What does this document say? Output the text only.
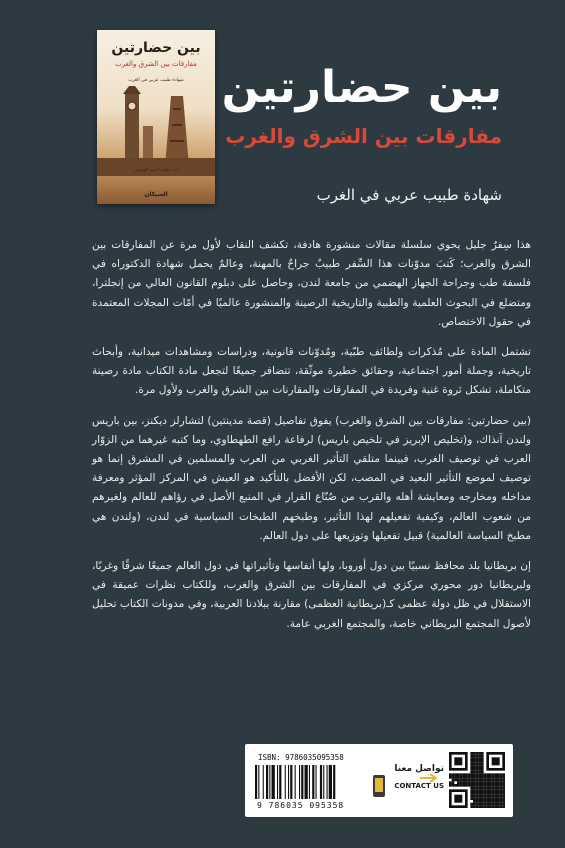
بين حضارتين
مفارقات بين الشرق والغرب
شهادة طبيب عربي في الغرب
أ.د. محمد أحمد الهضمي
العبيكان
بين حضارتين
مفارقات بين الشرق والغرب
شهادة طبيب عربي في الغرب

هذا سِفرٌ جليل يحوي سلسلة مقالات منشورة هادفة، تكشف النقاب لأول مرة عن المفارقات بين الشرق والغرب؛ كَتبَ مدوّنات هذا السِّفر طبيبٌ جراحٌ بالمهنة، وعالمٌ يحمل شهادة الدكتوراه في فلسفة طب وجراحة الجهاز الهضمي من جامعة لندن، وحاصل على دبلوم القانون العالي من إنجلترا، ومتضلع في البحوث العلمية والطبية والتاريخية الرصينة والمنشورة عالميًا في أمّات المجلات المعتمدة في حقول الاختصاص.

تشتمل المادة على مُذكرات ولطائف طبّية، ومُدوّنات قانونية، ودراسات ومشاهدات ميدانية، وأبحاث تاريخية، وجملة أمور اجتماعية، وحقائق خطيرة موثّقة، تتضافر جميعًا لتجعل مادة الكتاب مادة رصينة متكاملة، تشكل ثروة غنية وفريدة في المفارقات والمقارنات بين الشرق والغرب ولأول مرة.

(بين حضارتين: مفارقات بين الشرق والغرب) يفوق تفاصيل (قصة مدينتين) لتشارلز ديكنز، بين باريس ولندن آنذاك، و(تخليص الإبريز في تلخيص باريس) لرفاعة رافع الطهطاوي، وما كتبه غيرهما من الزوّار العرب في توصيف الغرب، فبينما متلقي التأثير الغربي من العرب والمسلمين في المشرق إنما هو توصيف لموضع التأثير البعيد في المصب، لكن الأفضل بالتأكيد هو العيش في المركز المؤثر ومعرفة مداخله ومخارجه ومعايشة أهله والقرب من صُنّاع القرار في المنبع الأصل في رؤاهم للعالم ولغيرهم من شعوب العالم، وكيفية تفعيلهم لهذا التأثير، وطبخهم الطبخات السياسية في لندن، (ولندن هي مطبخ السياسة العالمية) قبيل تفعيلها وتوزيعها على دول العالم.

إن بريطانيا بلد محافظ نسبيًا بين دول أوروبا، ولها أنفاسها وتأثيراتها في دول العالم جميعًا شرقًا وغربًا، ولبريطانيا دور محوري مركزي في المفارقات بين الشرق والغرب، وللكتاب نظرات عميقة في الاستقلال في ظل دولة عظمى كـ(بريطانية العظمى) مقارنة ببلادنا العربية، وفي مدونات الكتاب تحليل لأصول المجتمع البريطاني خاصة، والمجتمع الغربي عامة.

ISBN: 9786035095358
9 786035 095358
تواصل معنا
CONTACT US
